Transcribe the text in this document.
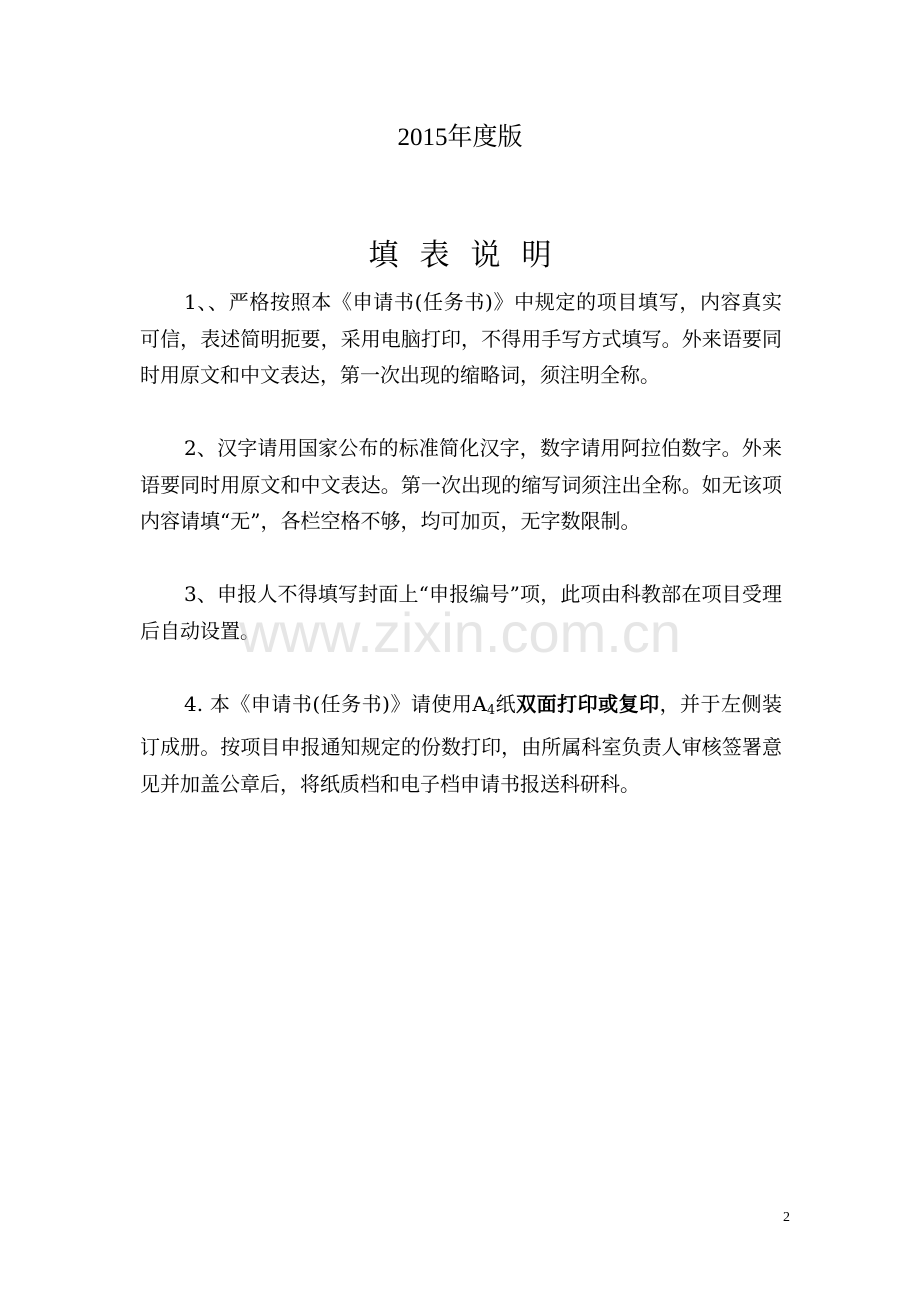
2015年度版
填表说明

1、、严格按照本《申请书(任务书)》中规定的项目填写，内容真实可信，表述简明扼要，采用电脑打印，不得用手写方式填写。外来语要同时用原文和中文表达，第一次出现的缩略词，须注明全称。

2、汉字请用国家公布的标准简化汉字，数字请用阿拉伯数字。外来语要同时用原文和中文表达。第一次出现的缩写词须注出全称。如无该项内容请填“无”，各栏空格不够，均可加页，无字数限制。

3、申报人不得填写封面上“申报编号”项，此项由科教部在项目受理后自动设置。

4. 本《申请书(任务书)》请使用$A_4$纸双面打印或复印，并于左侧装订成册。按项目申报通知规定的份数打印，由所属科室负责人审核签署意见并加盖公章后，将纸质档和电子档申请书报送科研科。

www.zixin.com.cn
2
